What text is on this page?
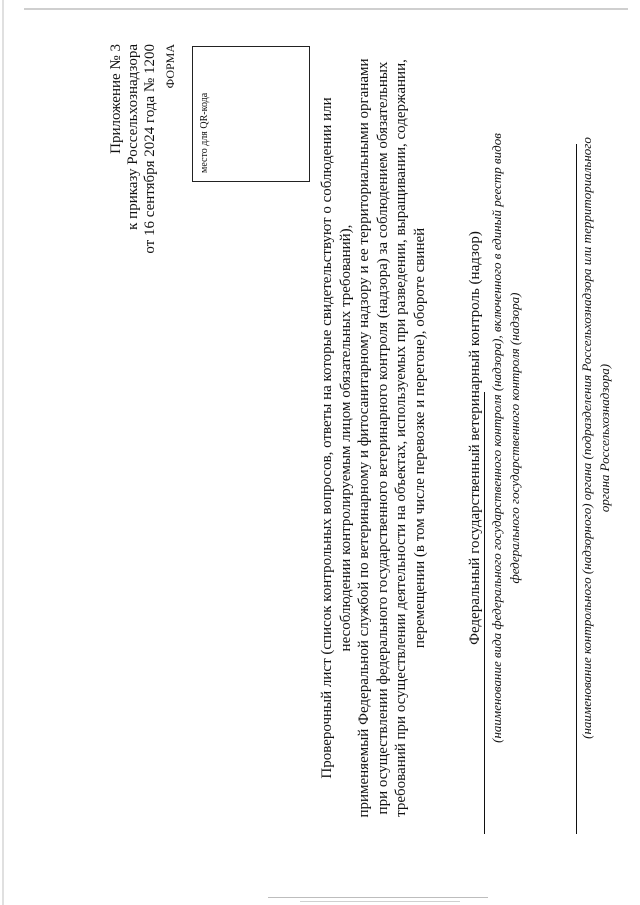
Приложение № 3 к приказу Россельхознадзора от 16 сентября 2024 года № 1200 ФОРМА
место для QR-кода	Проверочный лист (список контрольных вопросов, ответы на которые свидетельствуют о соблюдении или несоблюдении контролируемым лицом обязательных требований), применяемый Федеральной службой по ветеринарному и фитосанитарному надзору и ее территориальными органами при осуществлении федерального государственного ветеринарного контроля (надзора) за соблюдением обязательных требований при осуществлении деятельности на объектах, используемых при разведении, выращивании, содержании, перемещении (в том числе перевозке и перегоне), обороте свиней	Федеральный государственный ветеринарный контроль (надзор) (наименование вида федерального государственного контроля (надзора), включенного в единый реестр видов федерального государственного контроля (надзора)	(наименование контрольного (надзорного) органа (подразделения Россельхознадзора или территориального органа Россельхознадзора)
